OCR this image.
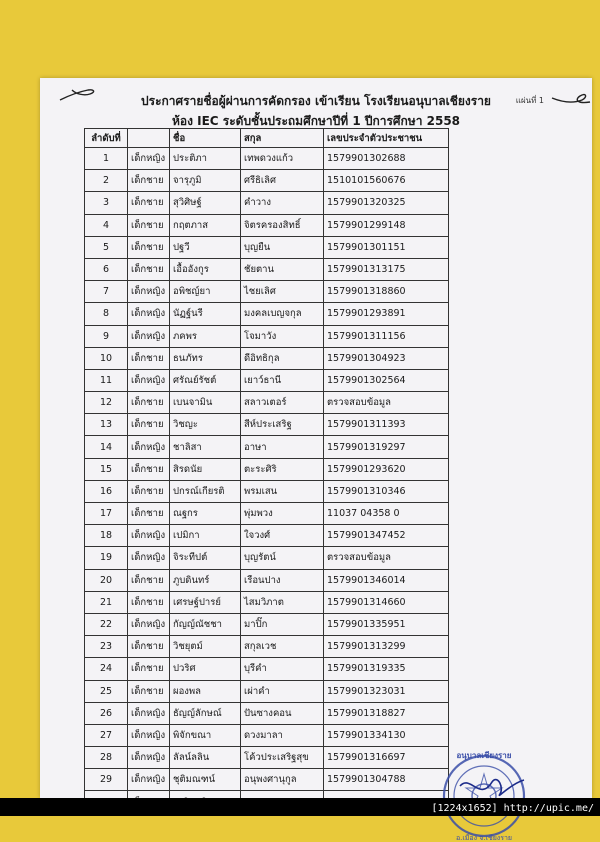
แผ่นที่ 1
ประกาศรายชื่อผู้ผ่านการคัดกรอง เข้าเรียน โรงเรียนอนุบาลเชียงราย
ห้อง IEC ระดับชั้นประถมศึกษาปีที่ 1 ปีการศึกษา 2558
ลำดับที่		ชื่อ	สกุล	เลขประจำตัวประชาชน
1	เด็กหญิง	ประติภา	เทพดวงแก้ว	1579901302688
2	เด็กชาย	จารุภูมิ	ศรีธิเลิศ	1510101560676
3	เด็กชาย	สุวิศิษฐ์	คำวาง	1579901320325
4	เด็กชาย	กฤตภาส	จิตรครองสิทธิ์	1579901299148
5	เด็กชาย	ปฐวี	บุญยืน	1579901301151
6	เด็กชาย	เอื้ออังกูร	ชัยตาน	1579901313175
7	เด็กหญิง	อพิชญ์ยา	ไชยเลิศ	1579901318860
8	เด็กหญิง	นัฏฐ์นรี	มงคลเบญจกุล	1579901293891
9	เด็กหญิง	ภคพร	โจมาวัง	1579901311156
10	เด็กชาย	ธนภัทร	ดีอิทธิกุล	1579901304923
11	เด็กหญิง	ศรัณย์รัชต์	เยาว์ธานี	1579901302564
12	เด็กชาย	เบนจามิน	สลาวเตอร์	ตรวจสอบข้อมูล
13	เด็กชาย	วิชญะ	สีห์ประเสริฐ	1579901311393
14	เด็กหญิง	ชาลิสา	อาษา	1579901319297
15	เด็กชาย	สิรดนัย	ตะระศิริ	1579901293620
16	เด็กชาย	ปกรณ์เกียรติ	พรมเสน	1579901310346
17	เด็กชาย	ณฐกร	พุ่มพวง	11037 04358 0
18	เด็กหญิง	เปมิกา	ใจวงศ์	1579901347452
19	เด็กหญิง	จิระทีปต์	บุญรัตน์	ตรวจสอบข้อมูล
20	เด็กชาย	ภูบดินทร์	เรือนปาง	1579901346014
21	เด็กชาย	เศรษฐ์ปารย์	ไสมวิภาต	1579901314660
22	เด็กหญิง	กัญญ์ณัชชา	มาปิ๊ก	1579901335951
23	เด็กชาย	วิชยุตม์	สกุลเวช	1579901313299
24	เด็กชาย	ปวริศ	บุรีคำ	1579901319335
25	เด็กชาย	ผองพล	เผ่าคำ	1579901323031
26	เด็กหญิง	ธัญญ์ลักษณ์	ปันซางคอน	1579901318827
27	เด็กหญิง	พิจักขณา	ดวงมาลา	1579901334130
28	เด็กหญิง	ลัลน์ลลิน	โค้วประเสริฐสุข	1579901316697
29	เด็กหญิง	ชุติมณฑน์	อนุพงศานุกูล	1579901304788

อนุบาลเชียงราย
อ.เมือง จ.เชียงราย
[1224x1652] http://upic.me/
